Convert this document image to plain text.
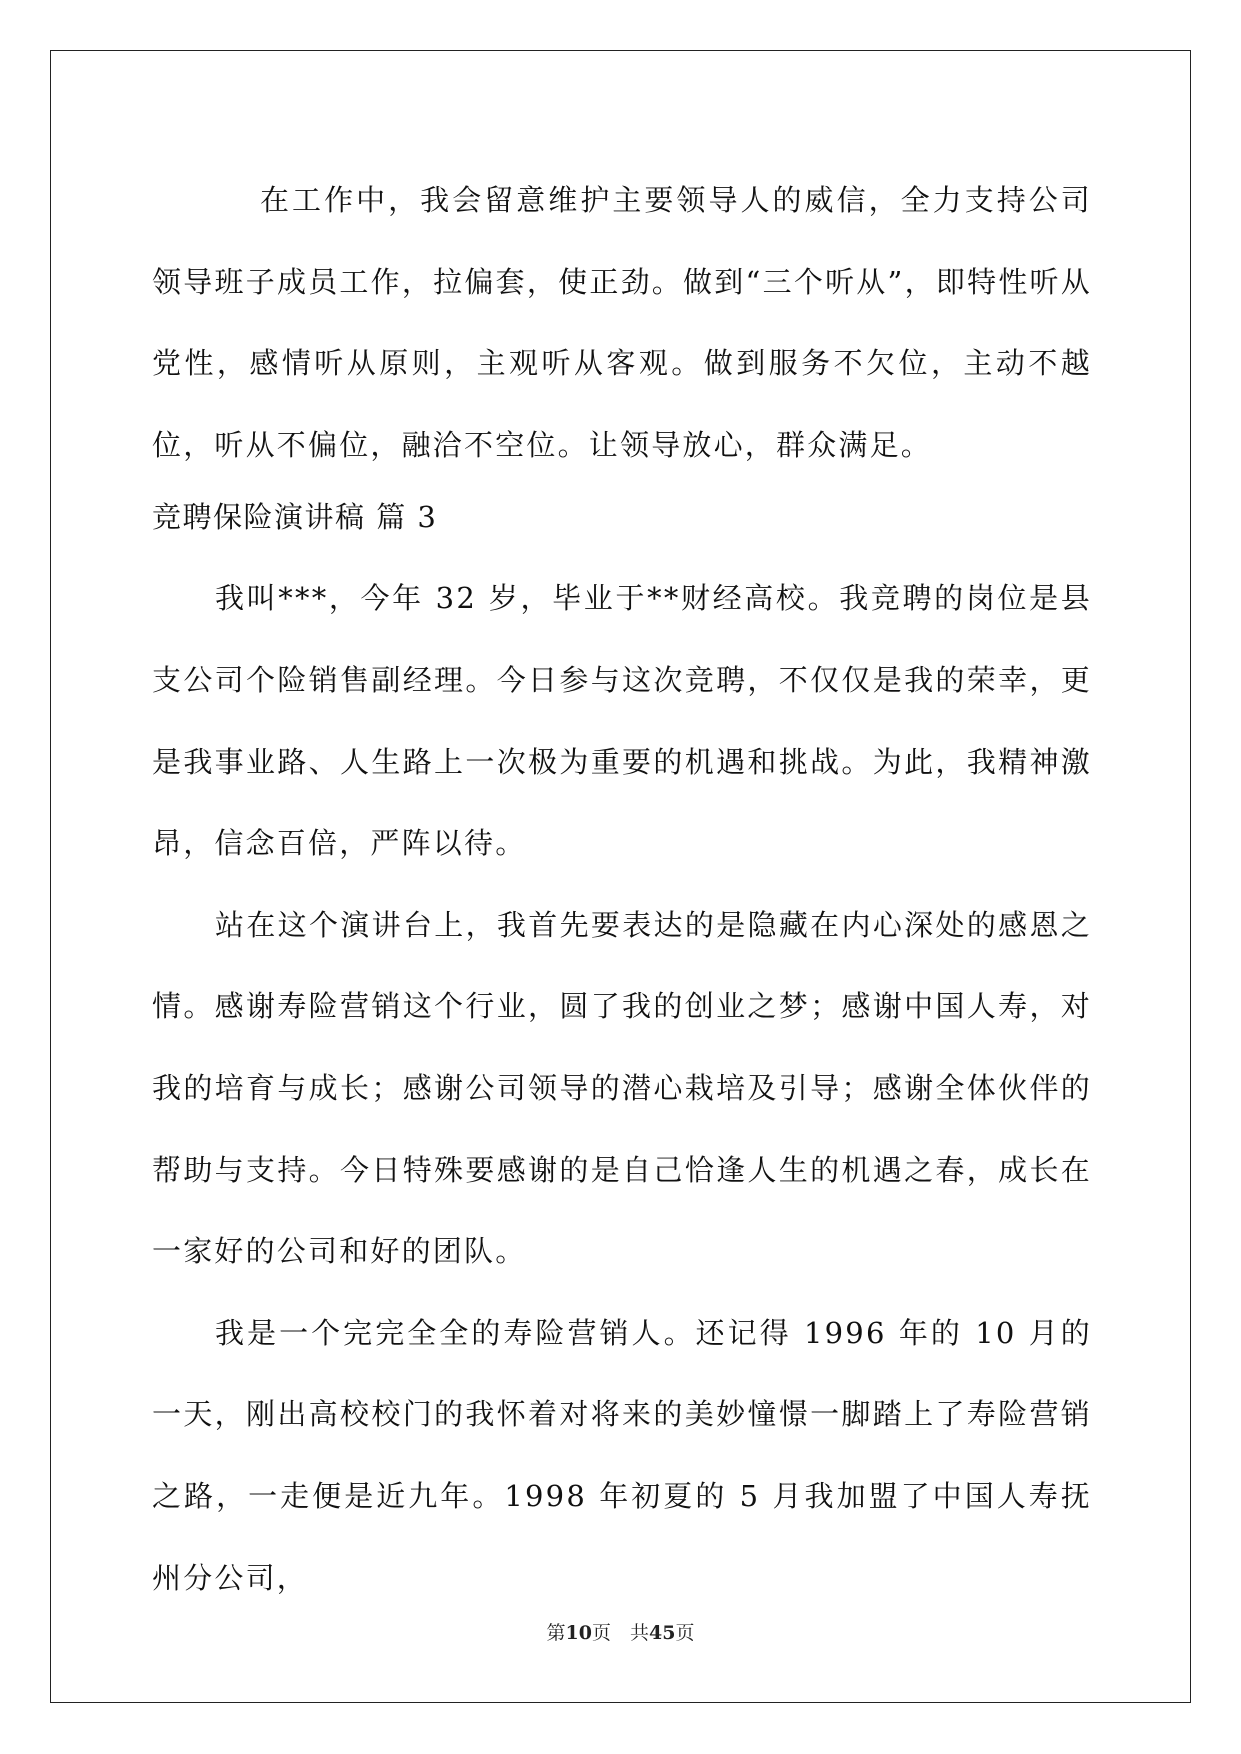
在工作中，我会留意维护主要领导人的威信，全力支持公司领导班子成员工作，拉偏套，使正劲。做到“三个听从”，即特性听从党性，感情听从原则，主观听从客观。做到服务不欠位，主动不越位，听从不偏位，融洽不空位。让领导放心，群众满足。

竞聘保险演讲稿 篇 3

我叫***，今年 32 岁，毕业于**财经高校。我竞聘的岗位是县支公司个险销售副经理。今日参与这次竞聘，不仅仅是我的荣幸，更是我事业路、人生路上一次极为重要的机遇和挑战。为此，我精神激昂，信念百倍，严阵以待。

站在这个演讲台上，我首先要表达的是隐藏在内心深处的感恩之情。感谢寿险营销这个行业，圆了我的创业之梦；感谢中国人寿，对我的培育与成长；感谢公司领导的潜心栽培及引导；感谢全体伙伴的帮助与支持。今日特殊要感谢的是自己恰逢人生的机遇之春，成长在一家好的公司和好的团队。

我是一个完完全全的寿险营销人。还记得 1996 年的 10 月的一天，刚出高校校门的我怀着对将来的美妙憧憬一脚踏上了寿险营销之路，一走便是近九年。1998 年初夏的 5 月我加盟了中国人寿抚州分公司，

第10页　共45页
